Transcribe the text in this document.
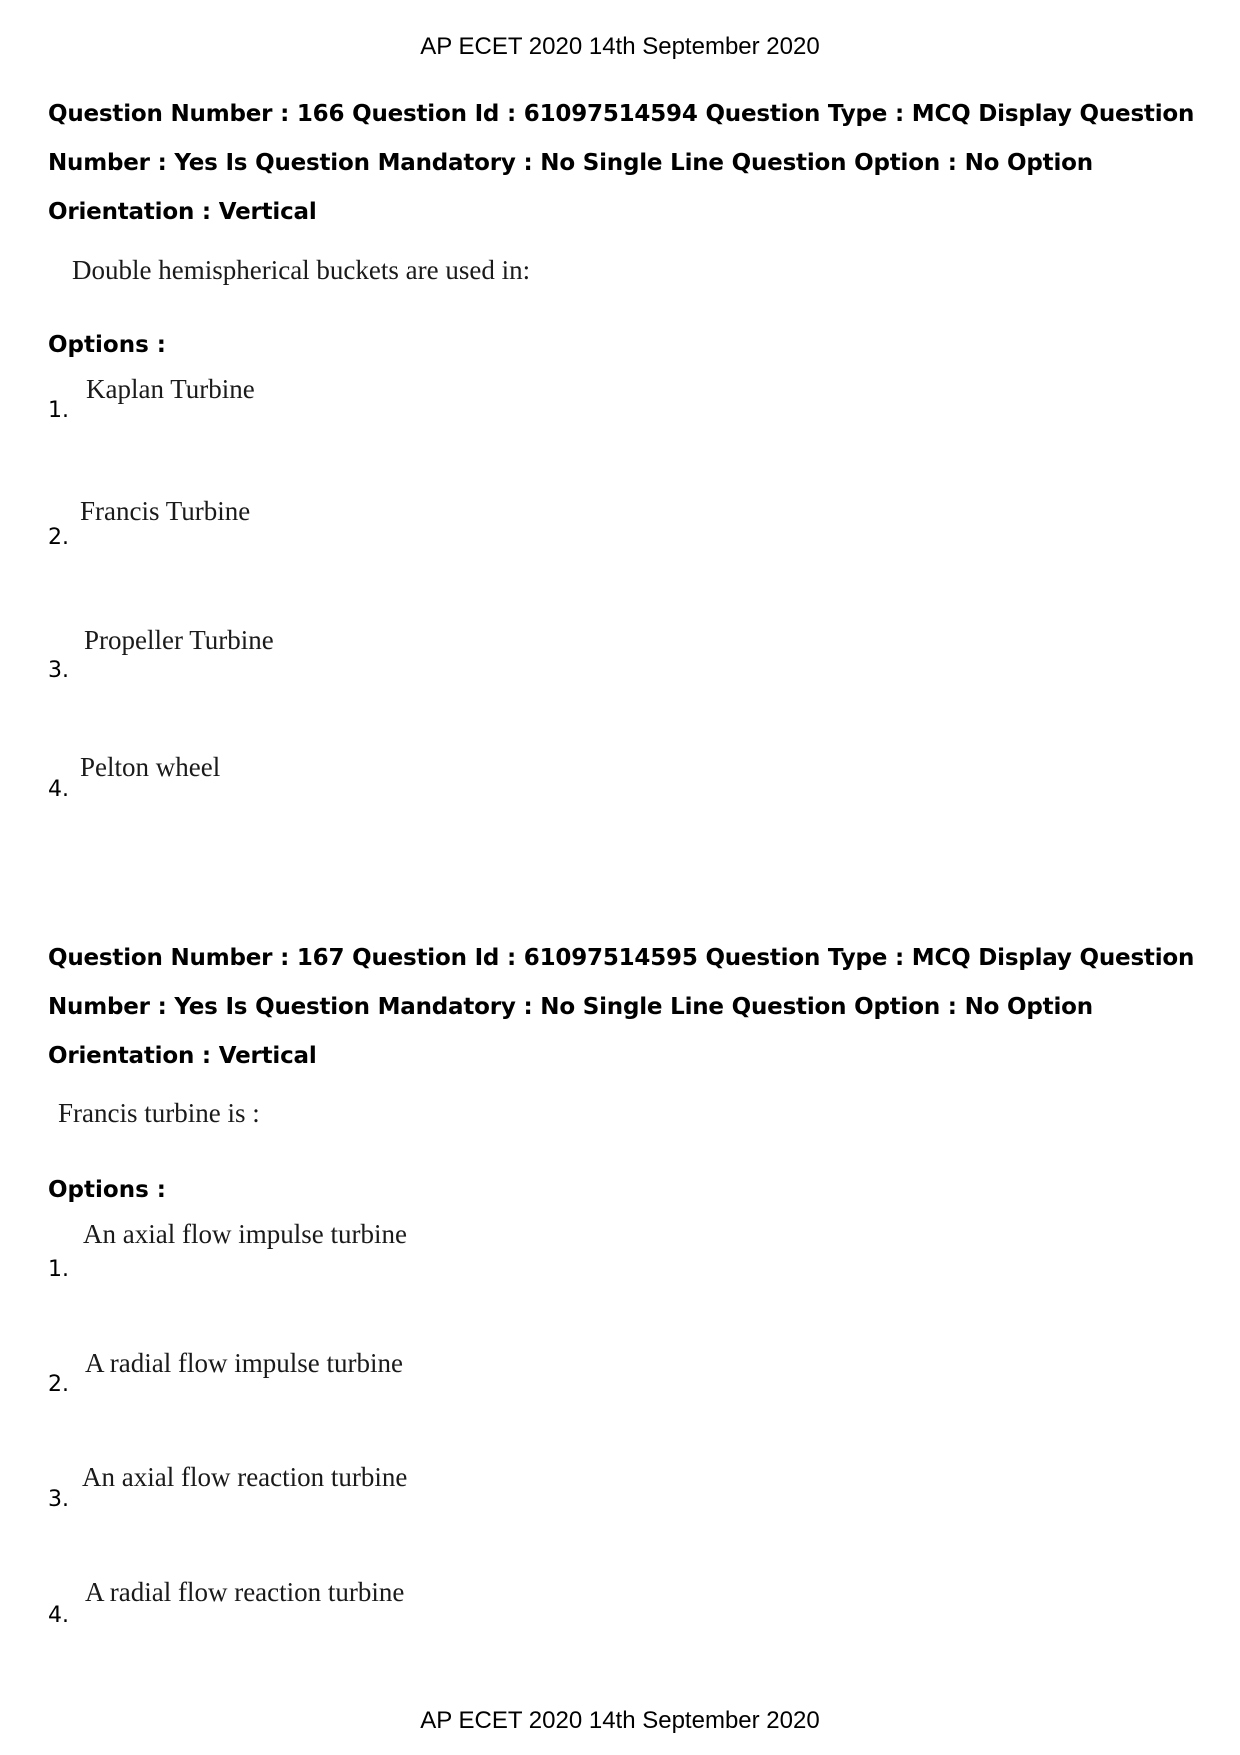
AP ECET 2020 14th September 2020
Question Number : 166 Question Id : 61097514594 Question Type : MCQ Display Question
Number : Yes Is Question Mandatory : No Single Line Question Option : No Option
Orientation : Vertical
Double hemispherical buckets are used in:
Options :
1.
Kaplan Turbine
2.
Francis Turbine
3.
Propeller Turbine
4.
Pelton wheel
Question Number : 167 Question Id : 61097514595 Question Type : MCQ Display Question
Number : Yes Is Question Mandatory : No Single Line Question Option : No Option
Orientation : Vertical
Francis turbine is :
Options :
1.
An axial flow impulse turbine
2.
A radial flow impulse turbine
3.
An axial flow reaction turbine
4.
A radial flow reaction turbine
AP ECET 2020 14th September 2020
